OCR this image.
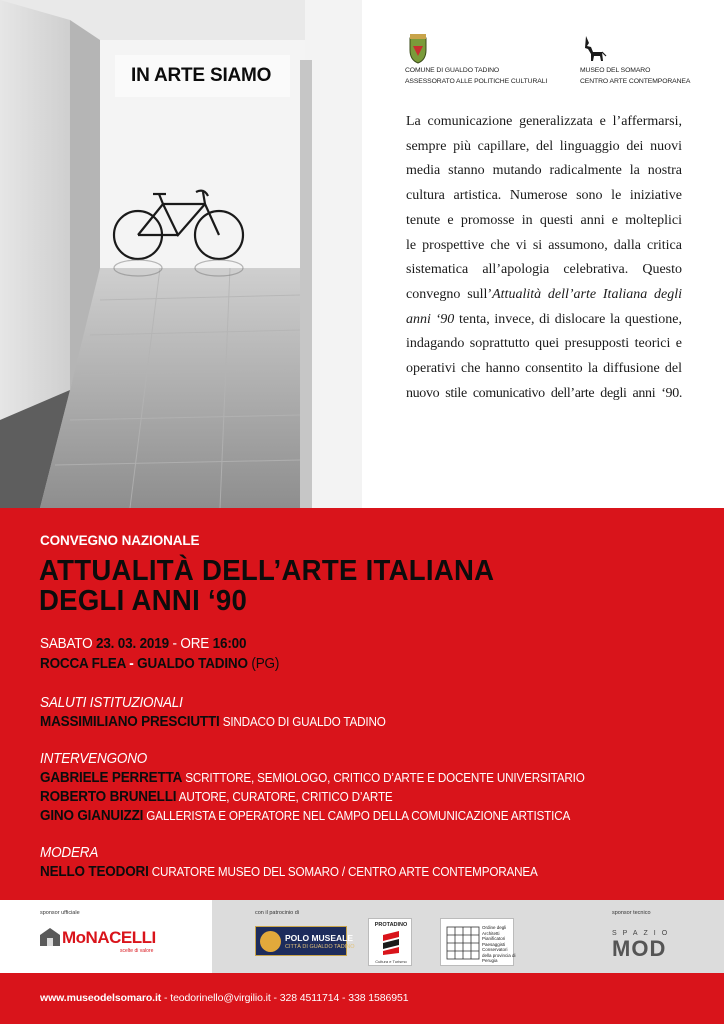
IN ARTE SIAMO	COMUNE DI GUALDO TADINO
ASSESSORATO ALLE POLITICHE CULTURALI
MUSEO DEL SOMARO
CENTRO ARTE CONTEMPORANEA
La comunicazione generalizzata e l’affermarsi,
sempre più capillare, del linguaggio dei nuovi
media stanno mutando radicalmente la nostra
cultura artistica. Numerose sono le iniziative
tenute e promosse in questi anni e molteplici
le prospettive che vi si assumono, dalla critica
sistematica all’apologia celebrativa. Questo
convegno sull’Attualità dell’arte Italiana degli
anni ‘90 tenta, invece, di dislocare la questione,
indagando soprattutto quei presupposti teorici e
operativi che hanno consentito la diffusione del
nuovo stile comunicativo dell’arte degli anni ‘90.
CONVEGNO NAZIONALE
ATTUALITÀ DELL’ARTE ITALIANA
DEGLI ANNI ‘90
SABATO 23. 03. 2019 - ORE 16:00
ROCCA FLEA - GUALDO TADINO (PG)
SALUTI ISTITUZIONALI
MASSIMILIANO PRESCIUTTI SINDACO DI GUALDO TADINO
INTERVENGONO
GABRIELE PERRETTA SCRITTORE, SEMIOLOGO, CRITICO D’ARTE E DOCENTE UNIVERSITARIO
ROBERTO BRUNELLI AUTORE, CURATORE, CRITICO D’ARTE
GINO GIANUIZZI GALLERISTA E OPERATORE NEL CAMPO DELLA COMUNICAZIONE ARTISTICA
MODERA
NELLO TEODORI CURATORE MUSEO DEL SOMARO / CENTRO ARTE CONTEMPORANEA
sponsor ufficiale
MoNACELLI
scelte di valore
con il patrocinio di
POLO MUSEALE
CITTÀ DI GUALDO TADINO
PROTADINO
Cultura e Turismo
Ordine degli
Architetti
Pianificatori
Paesaggisti
Conservatori
della provincia di
Perugia
sponsor tecnico
SPAZIO
MOD
www.museodelsomaro.it - teodorinello@virgilio.it - 328 4511714 - 338 1586951
